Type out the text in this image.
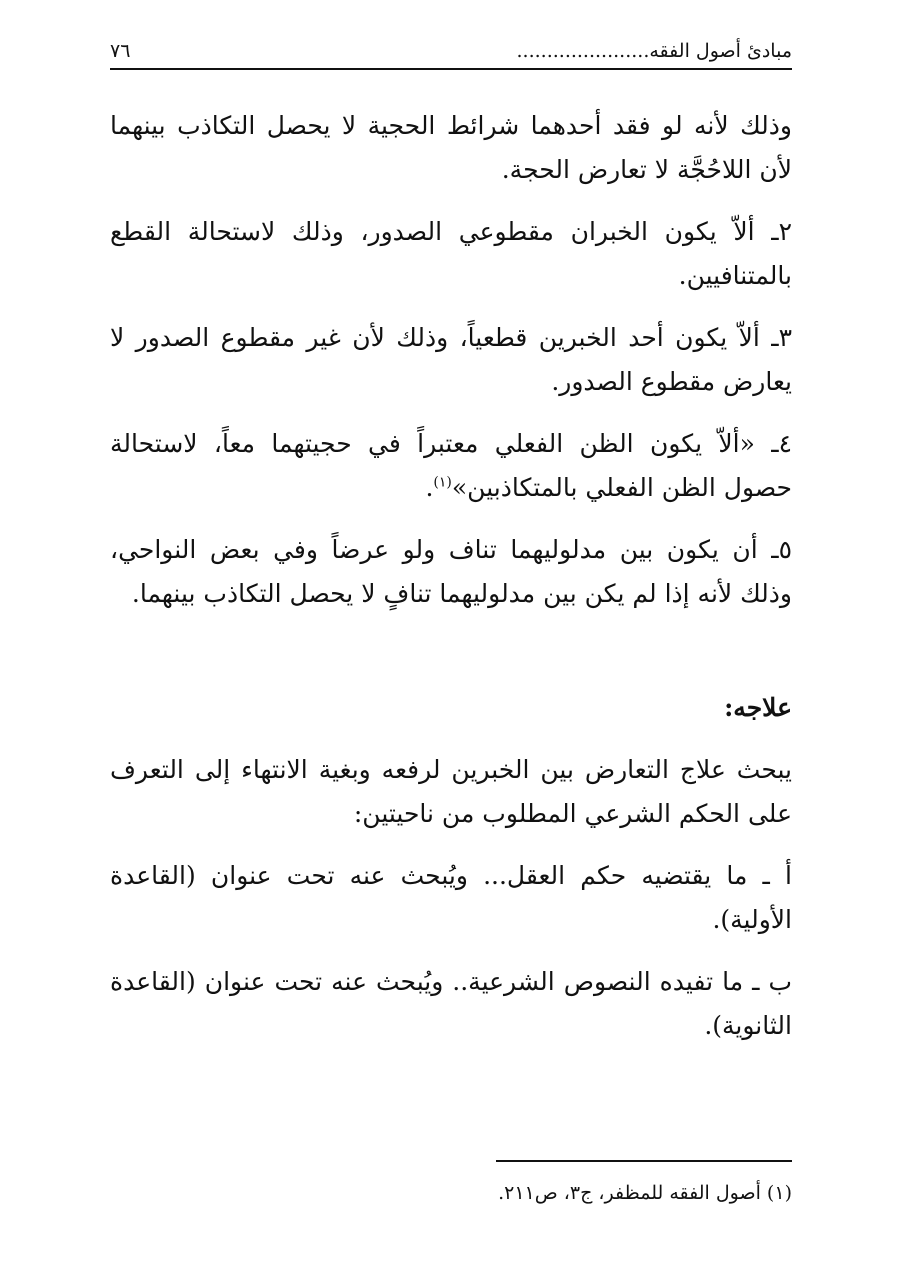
٧٦	مبادئ أصول الفقه......................

وذلك لأنه لو فقد أحدهما شرائط الحجية لا يحصل التكاذب بينهما لأن اللاحُجَّة لا تعارض الحجة.

٢ـ ألاّ يكون الخبران مقطوعي الصدور، وذلك لاستحالة القطع بالمتنافيين.

٣ـ ألاّ يكون أحد الخبرين قطعياً، وذلك لأن غير مقطوع الصدور لا يعارض مقطوع الصدور.

٤ـ «ألاّ يكون الظن الفعلي معتبراً في حجيتهما معاً، لاستحالة حصول الظن الفعلي بالمتكاذبين»$^{(١)}$.

٥ـ أن يكون بين مدلوليهما تناف ولو عرضاً وفي بعض النواحي، وذلك لأنه إذا لم يكن بين مدلوليهما تنافٍ لا يحصل التكاذب بينهما.

علاجه:

يبحث علاج التعارض بين الخبرين لرفعه وبغية الانتهاء إلى التعرف على الحكم الشرعي المطلوب من ناحيتين:

أ ـ ما يقتضيه حكم العقل... ويُبحث عنه تحت عنوان (القاعدة الأولية).

ب ـ ما تفيده النصوص الشرعية.. ويُبحث عنه تحت عنوان (القاعدة الثانوية).

(١) أصول الفقه للمظفر، ج٣، ص٢١١.
